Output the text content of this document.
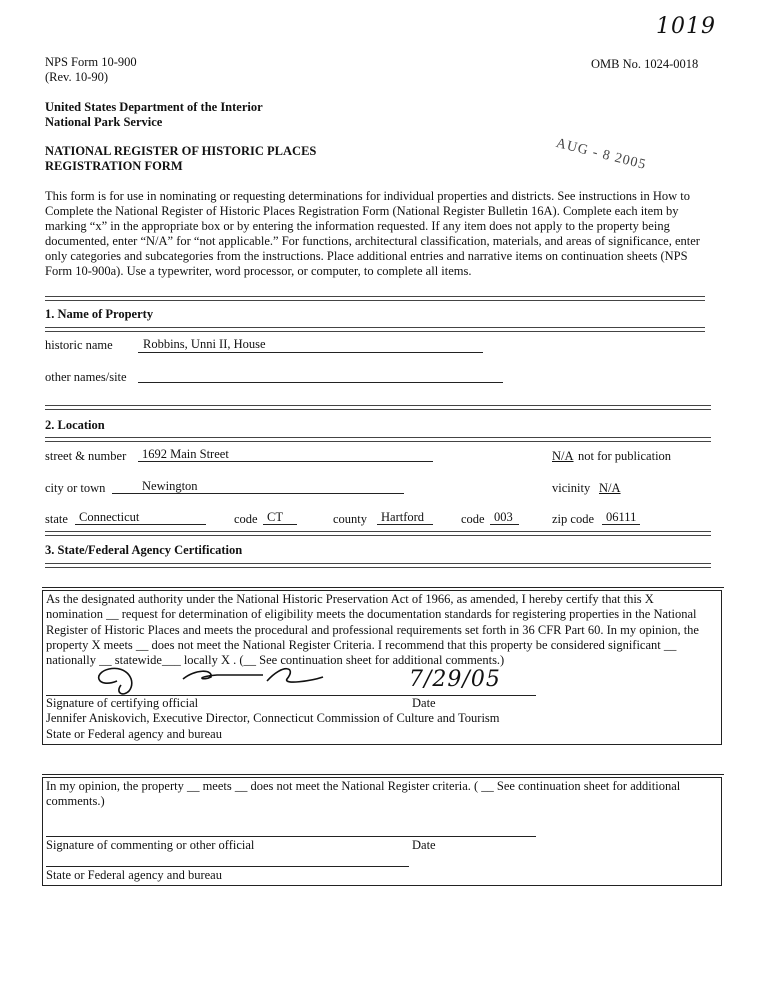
1019
NPS Form 10-900
(Rev. 10-90)
OMB No. 1024-0018
United States Department of the Interior
National Park Service
NATIONAL REGISTER OF HISTORIC PLACES
REGISTRATION FORM	AUG - 8 2005
This form is for use in nominating or requesting determinations for individual properties and districts. See instructions in How to Complete the National Register of Historic Places Registration Form (National Register Bulletin 16A). Complete each item by marking “x” in the appropriate box or by entering the information requested. If any item does not apply to the property being documented, enter “N/A” for “not applicable.” For functions, architectural classification, materials, and areas of significance, enter only categories and subcategories from the instructions. Place additional entries and narrative items on continuation sheets (NPS Form 10-900a). Use a typewriter, word processor, or computer, to complete all items.
1. Name of Property
historic name Robbins, Unni II, House
other names/site
2. Location
street & number 1692 Main Street	N/A not for publication
city or town	Newington	vicinity N/A
state Connecticut	code CT	county Hartford	code 003	zip code 06111
3. State/Federal Agency Certification
As the designated authority under the National Historic Preservation Act of 1966, as amended, I hereby certify that this X
nomination __ request for determination of eligibility meets the documentation standards for registering properties in the National
Register of Historic Places and meets the procedural and professional requirements set forth in 36 CFR Part 60. In my opinion, the
property X meets __ does not meet the National Register Criteria. I recommend that this property be considered significant __
nationally __ statewide___ locally X . (__ See continuation sheet for additional comments.)
7/29/05
Signature of certifying official	Date
Jennifer Aniskovich, Executive Director, Connecticut Commission of Culture and Tourism
State or Federal agency and bureau
In my opinion, the property __ meets __ does not meet the National Register criteria. ( __ See continuation sheet for additional
comments.)
Signature of commenting or other official	Date
State or Federal agency and bureau
